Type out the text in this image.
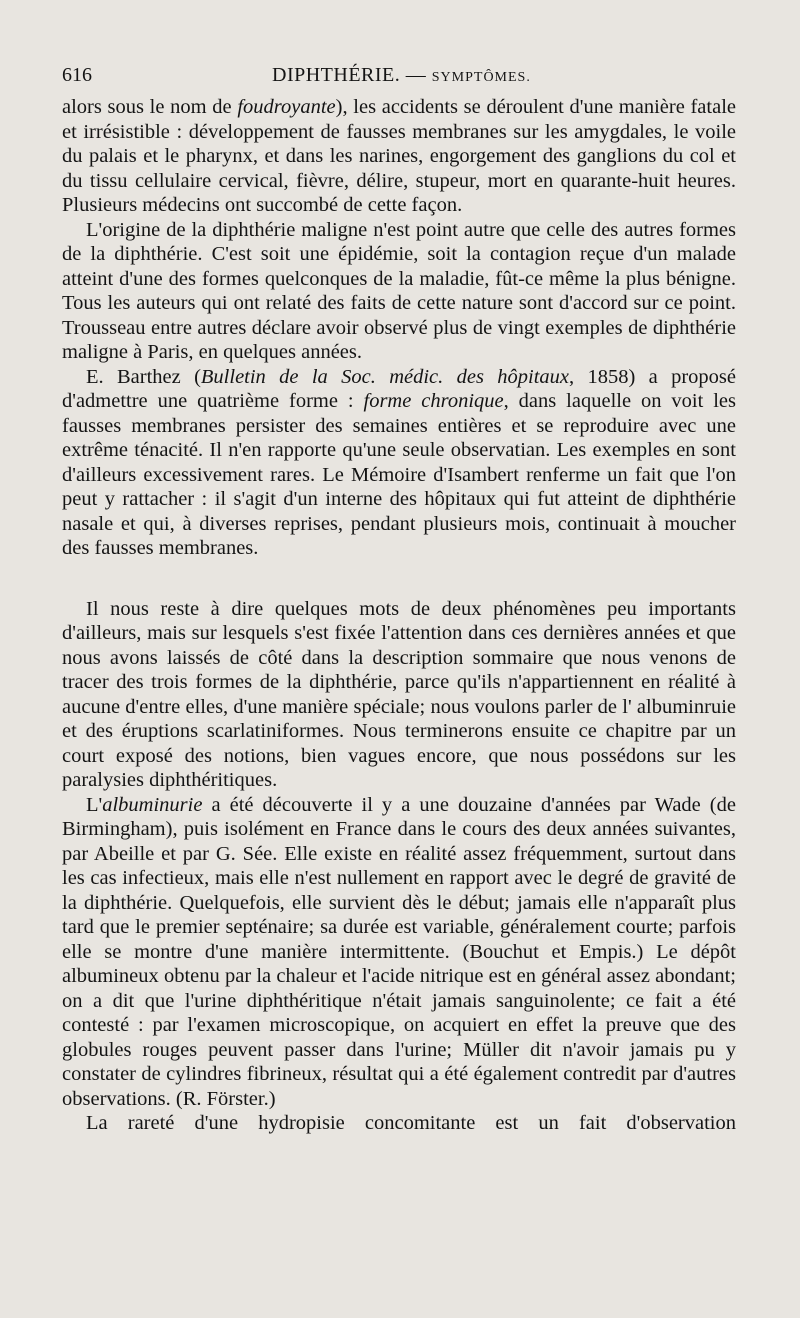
616	DIPHTHÉRIE. — SYMPTÔMES.

alors sous le nom de foudroyante), les accidents se déroulent d'une manière fatale et irrésistible : développement de fausses membranes sur les amygdales, le voile du palais et le pharynx, et dans les narines, engorgement des ganglions du col et du tissu cellulaire cervical, fièvre, délire, stupeur, mort en quarante-huit heures. Plusieurs médecins ont succombé de cette façon.

L'origine de la diphthérie maligne n'est point autre que celle des autres formes de la diphthérie. C'est soit une épidémie, soit la contagion reçue d'un malade atteint d'une des formes quelconques de la maladie, fût-ce même la plus bénigne. Tous les auteurs qui ont relaté des faits de cette nature sont d'accord sur ce point. Trousseau entre autres déclare avoir observé plus de vingt exemples de diphthérie maligne à Paris, en quelques années.

E. Barthez (Bulletin de la Soc. médic. des hôpitaux, 1858) a proposé d'admettre une quatrième forme : forme chronique, dans laquelle on voit les fausses membranes persister des semaines entières et se reproduire avec une extrême ténacité. Il n'en rapporte qu'une seule observatian. Les exemples en sont d'ailleurs excessivement rares. Le Mémoire d'Isambert renferme un fait que l'on peut y rattacher : il s'agit d'un interne des hôpitaux qui fut atteint de diphthérie nasale et qui, à diverses reprises, pendant plusieurs mois, continuait à moucher des fausses membranes.

Il nous reste à dire quelques mots de deux phénomènes peu importants d'ailleurs, mais sur lesquels s'est fixée l'attention dans ces dernières années et que nous avons laissés de côté dans la description sommaire que nous venons de tracer des trois formes de la diphthérie, parce qu'ils n'appartiennent en réalité à aucune d'entre elles, d'une manière spéciale; nous voulons parler de l' albuminruie et des éruptions scarlatiniformes. Nous terminerons ensuite ce chapitre par un court exposé des notions, bien vagues encore, que nous possédons sur les paralysies diphthéritiques.

L'albuminurie a été découverte il y a une douzaine d'années par Wade (de Birmingham), puis isolément en France dans le cours des deux années suivantes, par Abeille et par G. Sée. Elle existe en réalité assez fréquemment, surtout dans les cas infectieux, mais elle n'est nullement en rapport avec le degré de gravité de la diphthérie. Quelquefois, elle survient dès le début; jamais elle n'apparaît plus tard que le premier septénaire; sa durée est variable, généralement courte; parfois elle se montre d'une manière intermittente. (Bouchut et Empis.) Le dépôt albumineux obtenu par la chaleur et l'acide nitrique est en général assez abondant; on a dit que l'urine diphthéritique n'était jamais sanguinolente; ce fait a été contesté : par l'examen microscopique, on acquiert en effet la preuve que des globules rouges peuvent passer dans l'urine; Müller dit n'avoir jamais pu y constater de cylindres fibrineux, résultat qui a été également contredit par d'autres observations. (R. Förster.)

La rareté d'une hydropisie concomitante est un fait d'observation
